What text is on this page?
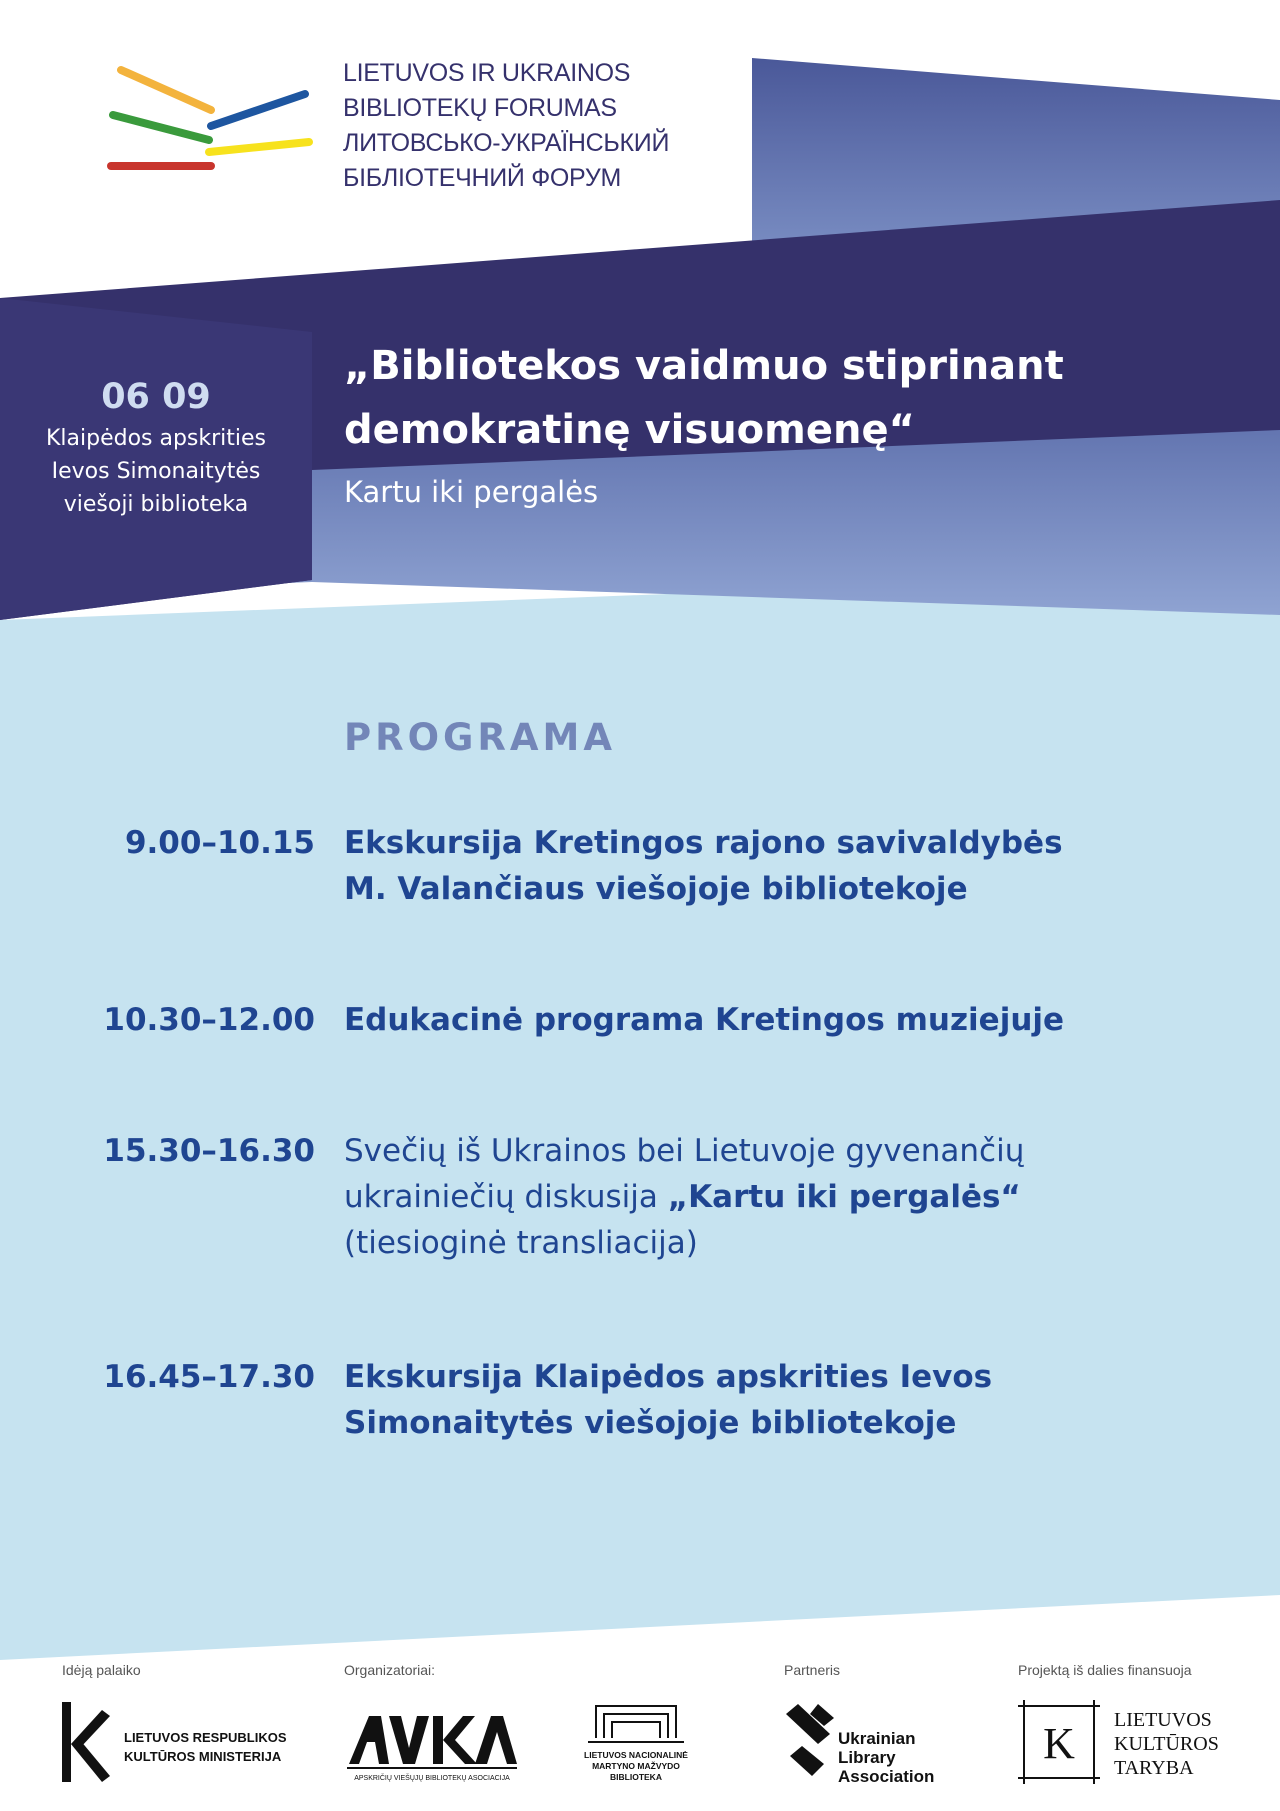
LIETUVOS IR UKRAINOS
BIBLIOTEKŲ FORUMAS
ЛИТОВСЬКО-УКРАЇНСЬКИЙ
БІБЛІОТЕЧНИЙ ФОРУМ
06 09
Klaipėdos apskrities
Ievos Simonaitytės
viešoji biblioteka
„Bibliotekos vaidmuo stiprinant
demokratinę visuomenę“
Kartu iki pergalės
PROGRAMA
9.00–10.15 Ekskursija Kretingos rajono savivaldybės
M. Valančiaus viešojoje bibliotekoje
10.30–12.00 Edukacinė programa Kretingos muziejuje
15.30–16.30 Svečių iš Ukrainos bei Lietuvoje gyvenančių
ukrainiečių diskusija „Kartu iki pergalės“
(tiesioginė transliacija)
16.45–17.30 Ekskursija Klaipėdos apskrities Ievos
Simonaitytės viešojoje bibliotekoje
Idėją palaiko	Organizatoriai:	Partneris	Projektą iš dalies finansuoja
LIETUVOS RESPUBLIKOS
KULTŪROS MINISTERIJA
APSKRIČIŲ VIEŠŲJŲ BIBLIOTEKŲ ASOCIACIJA
LIETUVOS NACIONALINĖ
MARTYNO MAŽVYDO
BIBLIOTEKA
Ukrainian
Library
Association
K LIETUVOS
KULTŪROS
TARYBA
